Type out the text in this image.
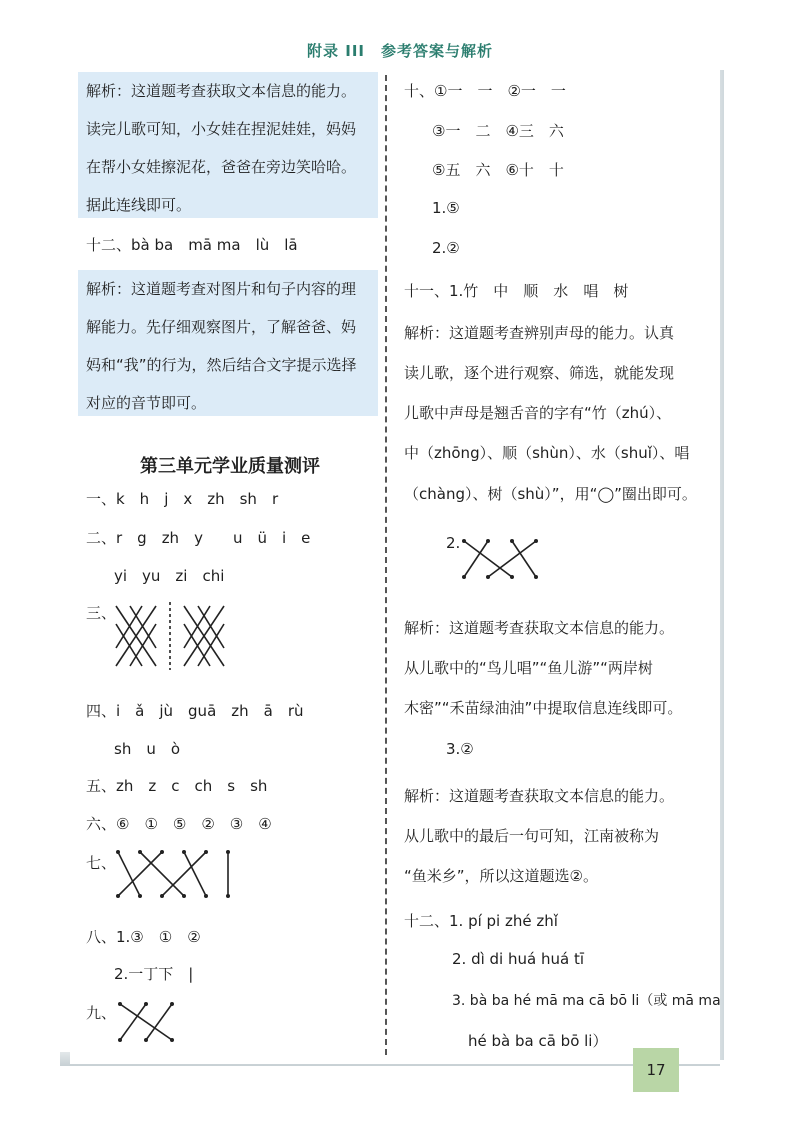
附录 III　参考答案与解析
解析：这道题考查获取文本信息的能力。
读完儿歌可知，小女娃在捏泥娃娃，妈妈
在帮小女娃擦泥花，爸爸在旁边笑哈哈。
据此连线即可。
十二、bà ba　mā ma　lù　lā
解析：这道题考查对图片和句子内容的理
解能力。先仔细观察图片，了解爸爸、妈
妈和“我”的行为，然后结合文字提示选择
对应的音节即可。
第三单元学业质量测评
一、k　h　j　x　zh　sh　r
二、r　g　zh　y　　u　ü　i　e
yi　yu　zi　chi
三、
四、i　ǎ　jù　guā　zh　ā　rù
sh　u　ò
五、zh　z　c　ch　s　sh
六、⑥　①　⑤　②　③　④
七、
八、1.③　①　②
2.一丁下　|
九、
十、①一　一　②一　一
③一　二　④三　六
⑤五　六　⑥十　十
1.⑤
2.②
十一、1.竹　中　顺　水　唱　树
解析：这道题考查辨别声母的能力。认真
读儿歌，逐个进行观察、筛选，就能发现
儿歌中声母是翘舌音的字有“竹（zhú）、
中（zhōng）、顺（shùn）、水（shuǐ）、唱
（chàng）、树（shù）”，用“◯”圈出即可。
2.
解析：这道题考查获取文本信息的能力。
从儿歌中的“鸟儿唱”“鱼儿游”“两岸树
木密”“禾苗绿油油”中提取信息连线即可。
3.②
解析：这道题考查获取文本信息的能力。
从儿歌中的最后一句可知，江南被称为
“鱼米乡”，所以这道题选②。
十二、1. pí pi zhé zhǐ
2. dì di huá huá tī
3. bà ba hé mā ma cā bō li（或 mā ma
hé bà ba cā bō li）
17
